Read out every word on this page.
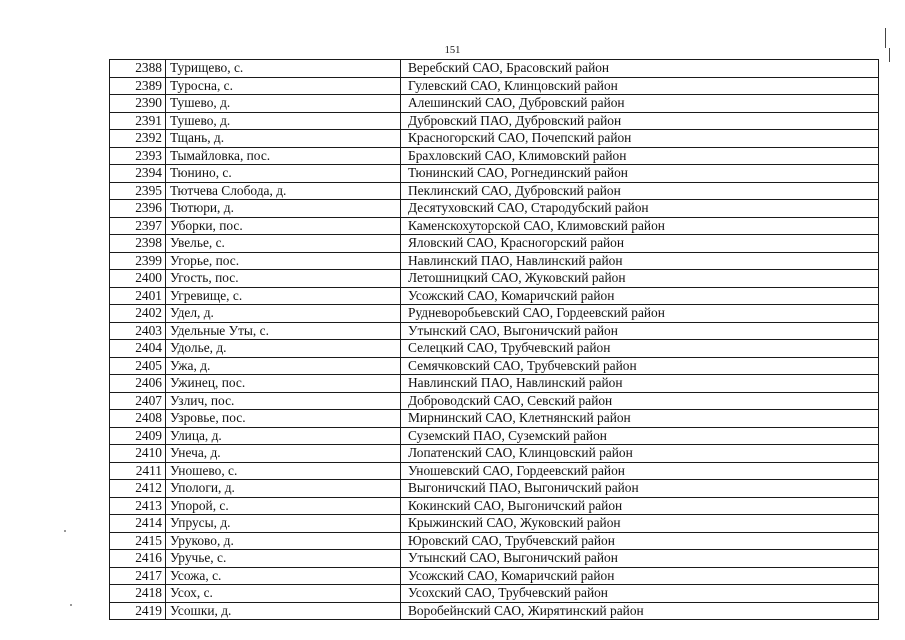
151
2388	Турищево, с.	Веребский САО, Брасовский район
2389	Туросна, с.	Гулевский САО, Клинцовский район
2390	Тушево, д.	Алешинский САО, Дубровский район
2391	Тушево, д.	Дубровский ПАО, Дубровский район
2392	Тщань, д.	Красногорский САО, Почепский район
2393	Тымайловка, пос.	Брахловский САО, Климовский район
2394	Тюнино, с.	Тюнинский САО, Рогнединский район
2395	Тютчева Слобода, д.	Пеклинский САО, Дубровский район
2396	Тютюри, д.	Десятуховский САО, Стародубский район
2397	Уборки, пос.	Каменскохуторской САО, Климовский район
2398	Увелье, с.	Яловский САО, Красногорский район
2399	Угорье, пос.	Навлинский ПАО, Навлинский район
2400	Угость, пос.	Летошницкий САО, Жуковский район
2401	Угревище, с.	Усожский САО, Комаричский район
2402	Удел, д.	Рудневоробьевский САО, Гордеевский район
2403	Удельные Уты, с.	Утынский САО, Выгоничский район
2404	Удолье, д.	Селецкий САО, Трубчевский район
2405	Ужа, д.	Семячковский САО, Трубчевский район
2406	Ужинец, пос.	Навлинский ПАО, Навлинский район
2407	Узлич, пос.	Доброводский САО, Севский район
2408	Узровье, пос.	Мирнинский САО, Клетнянский район
2409	Улица, д.	Суземский ПАО, Суземский район
2410	Унеча, д.	Лопатенский САО, Клинцовский район
2411	Уношево, с.	Уношевский САО, Гордеевский район
2412	Упологи, д.	Выгоничский ПАО, Выгоничский район
2413	Упорой, с.	Кокинский САО, Выгоничский район
2414	Упрусы, д.	Крыжинский САО, Жуковский район
2415	Уруково, д.	Юровский САО, Трубчевский район
2416	Уручье, с.	Утынский САО, Выгоничский район
2417	Усожа, с.	Усожский САО, Комаричский район
2418	Усох, с.	Усохский САО, Трубчевский район
2419	Усошки, д.	Воробейнский САО, Жирятинский район
